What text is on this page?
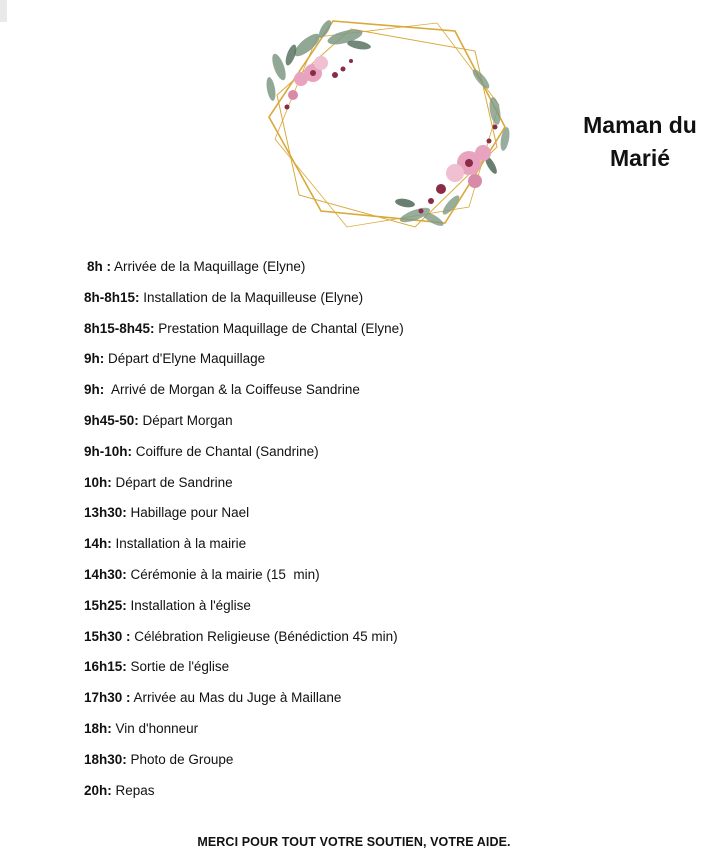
Maman du
Marié
8h : Arrivée de la Maquillage (Elyne)
8h-8h15: Installation de la Maquilleuse (Elyne)
8h15-8h45: Prestation Maquillage de Chantal (Elyne)
9h: Départ d'Elyne Maquillage
9h:  Arrivé de Morgan & la Coiffeuse Sandrine
9h45-50: Départ Morgan
9h-10h: Coiffure de Chantal (Sandrine)
10h: Départ de Sandrine
13h30: Habillage pour Nael
14h: Installation à la mairie
14h30: Cérémonie à la mairie (15  min)
15h25: Installation à l'église
15h30 : Célébration Religieuse (Bénédiction 45 min)
16h15: Sortie de l'église
17h30 : Arrivée au Mas du Juge à Maillane
18h: Vin d'honneur
18h30: Photo de Groupe
20h: Repas
MERCI POUR TOUT VOTRE SOUTIEN, VOTRE AIDE.
